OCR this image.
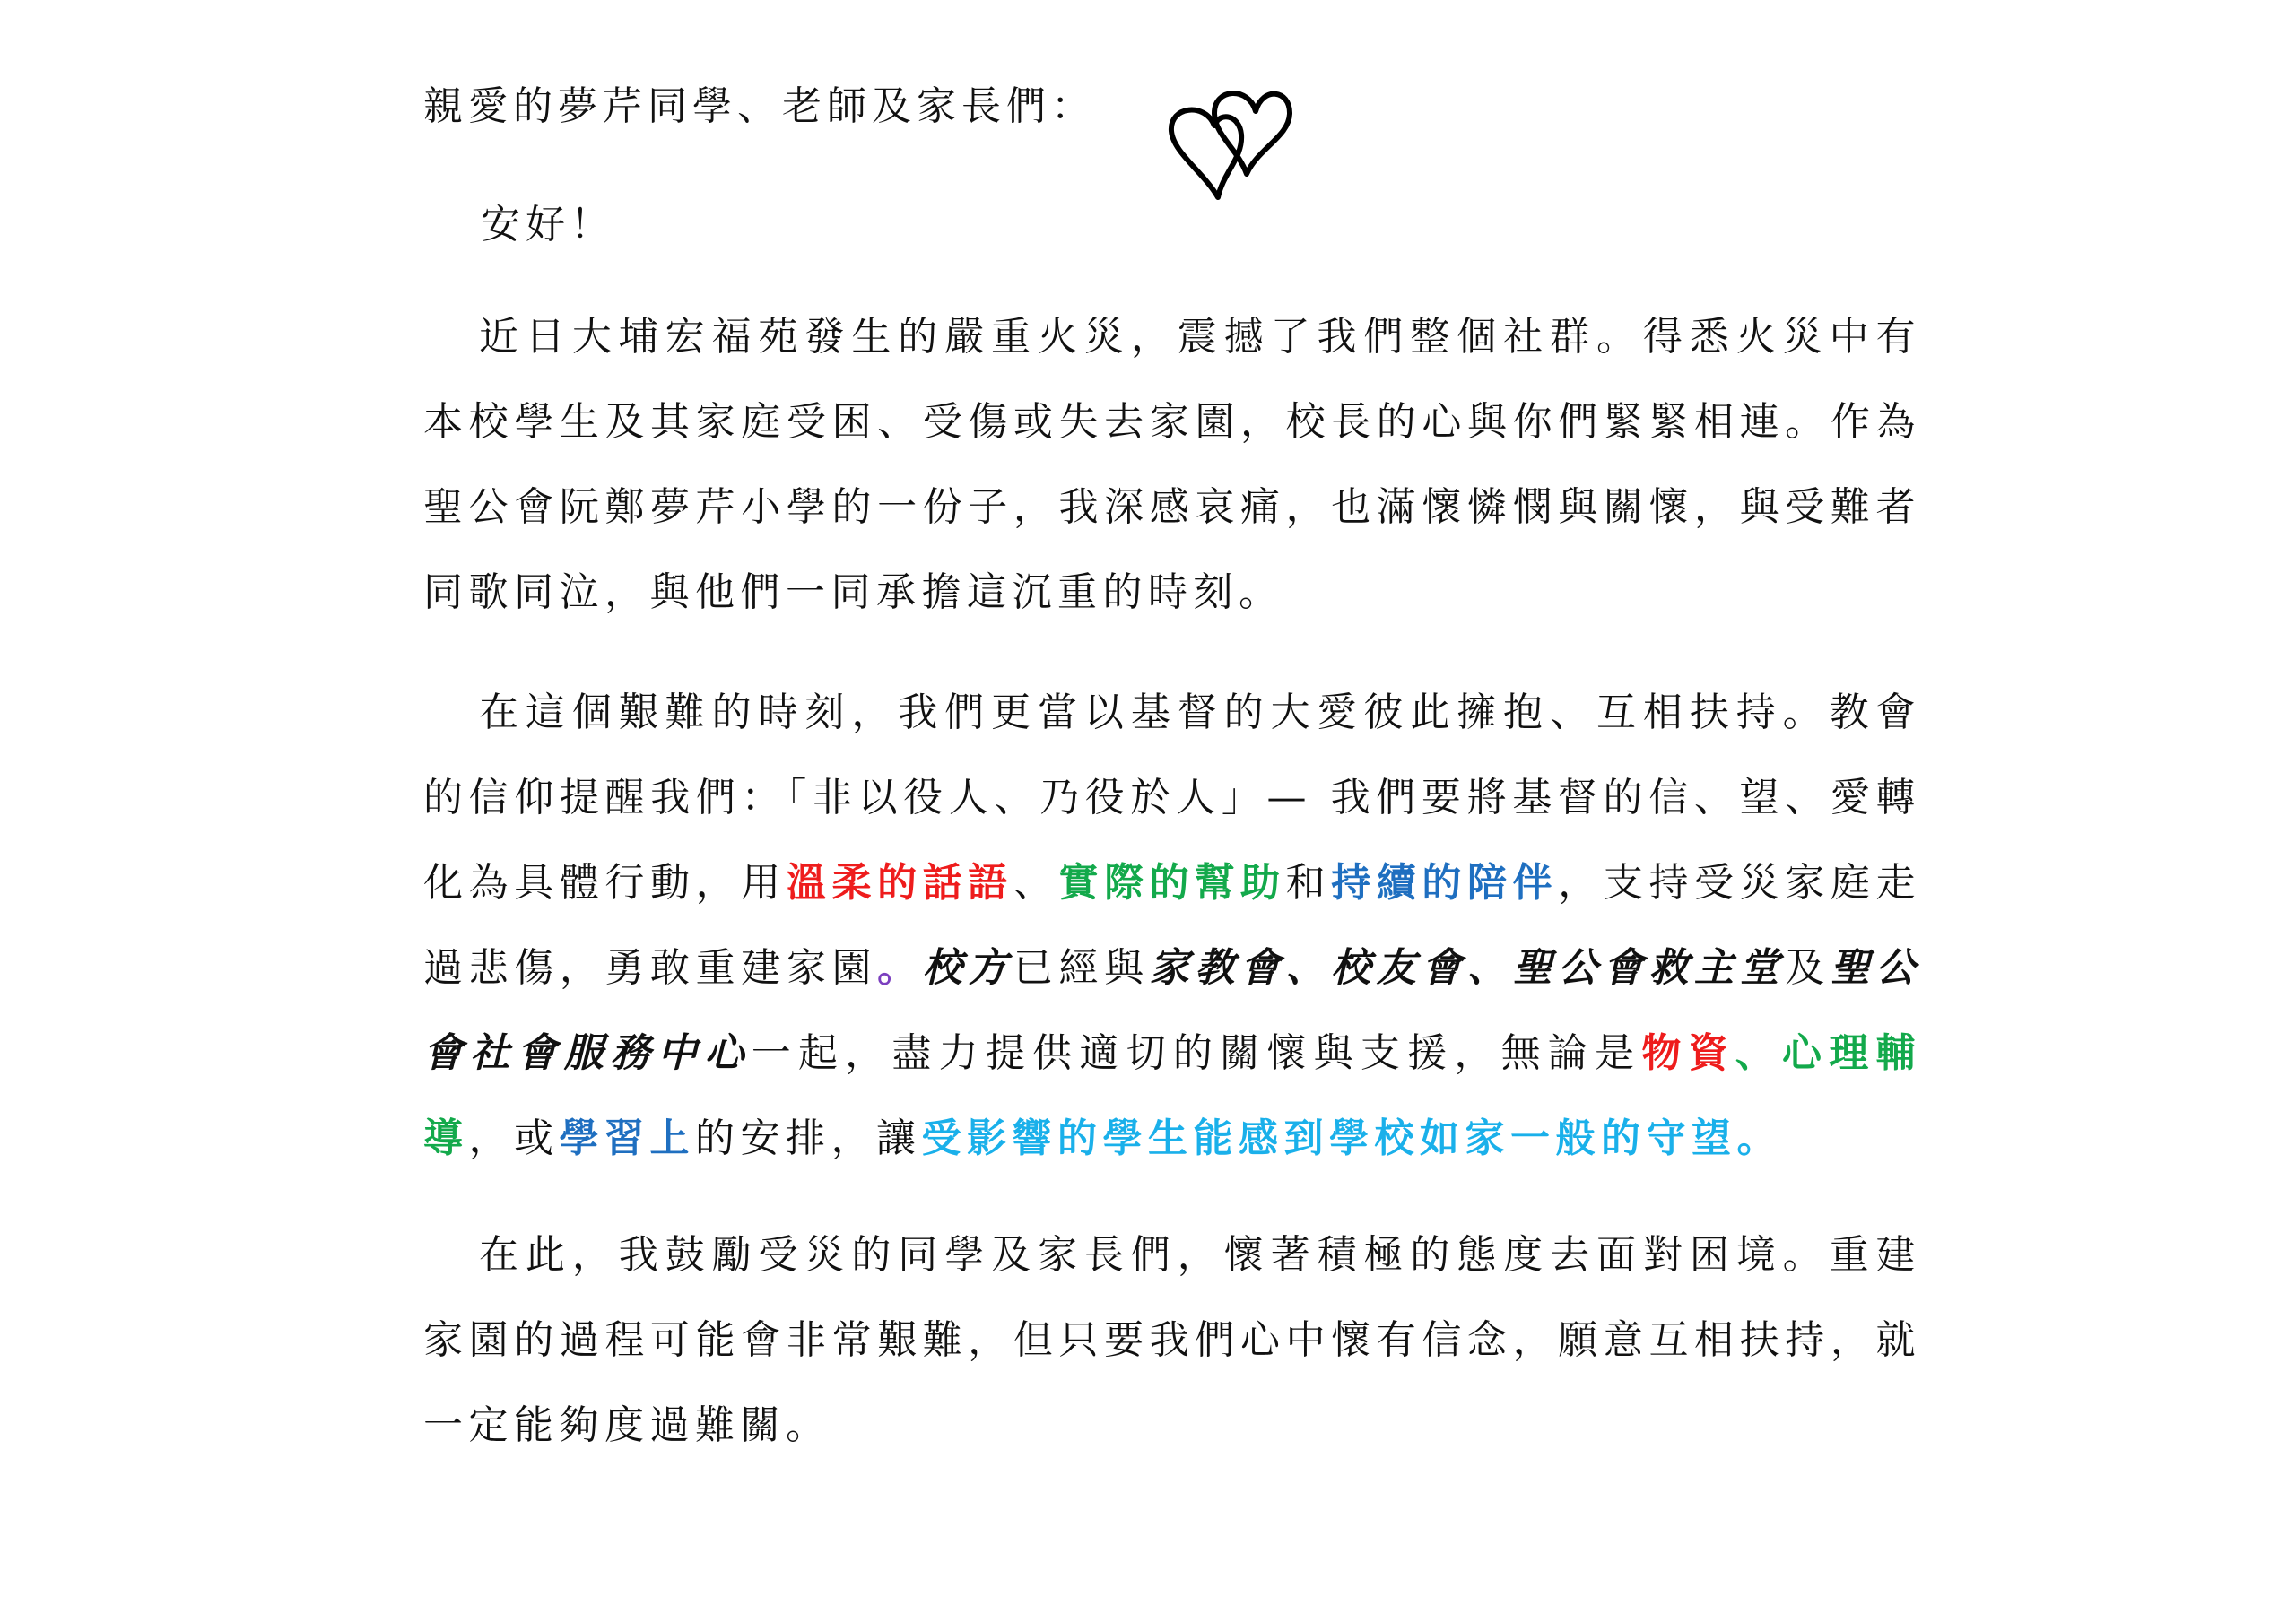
親愛的夢芹同學、老師及家長們：
安好！

近日大埔宏福苑發生的嚴重火災，震撼了我們整個社群。得悉火災中有本校學生及其家庭受困、受傷或失去家園，校長的心與你們緊緊相連。作為聖公會阮鄭夢芹小學的一份子，我深感哀痛，也滿懷憐憫與關懷，與受難者同歌同泣，與他們一同承擔這沉重的時刻。

在這個艱難的時刻，我們更當以基督的大愛彼此擁抱、互相扶持。教會的信仰提醒我們：「非以役人、乃役於人」— 我們要將基督的信、望、愛轉化為具體行動，用溫柔的話語、實際的幫助和持續的陪伴，支持受災家庭走過悲傷，勇敢重建家園。校方已經與家教會、校友會、聖公會救主堂及聖公會社會服務中心一起，盡力提供適切的關懷與支援，無論是物資、心理輔導，或學習上的安排，讓受影響的學生能感到學校如家一般的守望。

在此，我鼓勵受災的同學及家長們，懷著積極的態度去面對困境。重建家園的過程可能會非常艱難，但只要我們心中懷有信念，願意互相扶持，就一定能夠度過難關。
